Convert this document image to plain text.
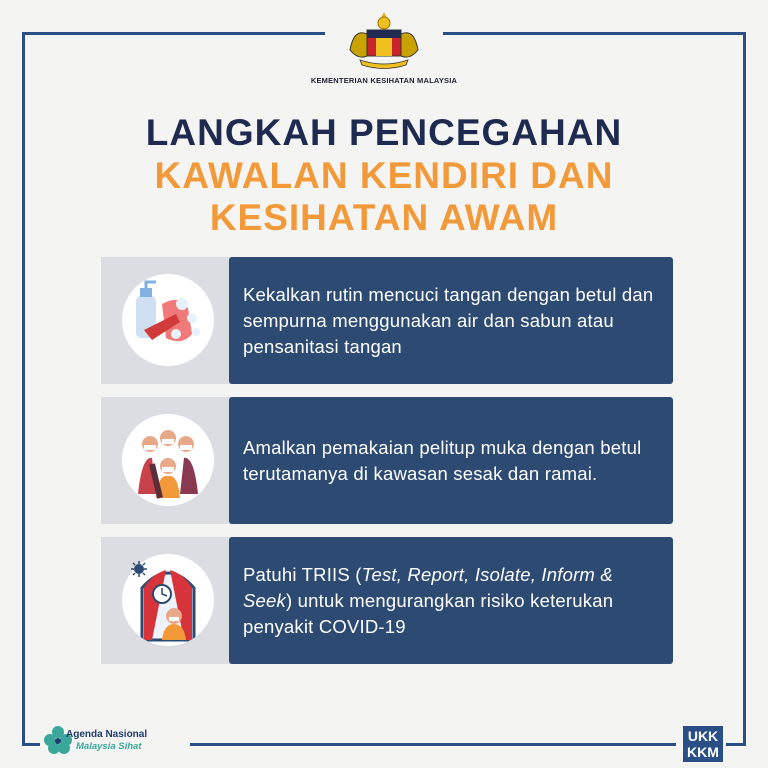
KEMENTERIAN KESIHATAN MALAYSIA
LANGKAH PENCEGAHAN
KAWALAN KENDIRI DAN
KESIHATAN AWAM
Kekalkan rutin mencuci tangan dengan betul dan sempurna menggunakan air dan sabun atau pensanitasi tangan
Amalkan pemakaian pelitup muka dengan betul terutamanya di kawasan sesak dan ramai.
Patuhi TRIIS (Test, Report, Isolate, Inform & Seek) untuk mengurangkan risiko keterukan penyakit COVID-19
Agenda Nasional
Malaysia Sihat
UKK
KKM
